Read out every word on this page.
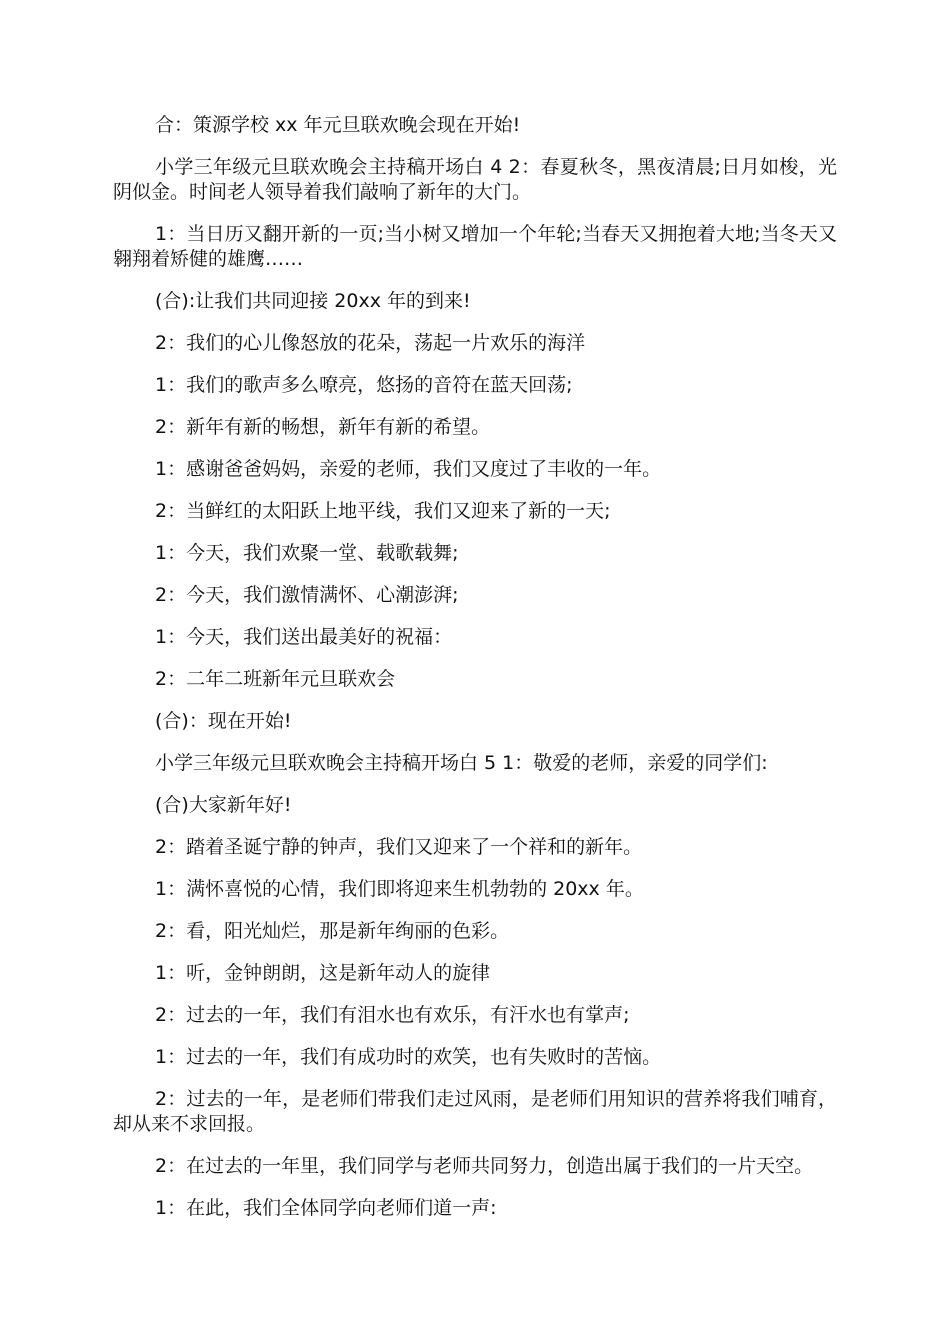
合：策源学校 xx 年元旦联欢晚会现在开始!

小学三年级元旦联欢晚会主持稿开场白 4 2：春夏秋冬，黑夜清晨;日月如梭，光阴似金。时间老人领导着我们敲响了新年的大门。

1：当日历又翻开新的一页;当小树又增加一个年轮;当春天又拥抱着大地;当冬天又翱翔着矫健的雄鹰……

(合):让我们共同迎接 20xx 年的到来!

2：我们的心儿像怒放的花朵，荡起一片欢乐的海洋

1：我们的歌声多么嘹亮，悠扬的音符在蓝天回荡;

2：新年有新的畅想，新年有新的希望。

1：感谢爸爸妈妈，亲爱的老师，我们又度过了丰收的一年。

2：当鲜红的太阳跃上地平线，我们又迎来了新的一天;

1：今天，我们欢聚一堂、载歌载舞;

2：今天，我们激情满怀、心潮澎湃;

1：今天，我们送出最美好的祝福：

2：二年二班新年元旦联欢会

(合)：现在开始!

小学三年级元旦联欢晚会主持稿开场白 5 1：敬爱的老师，亲爱的同学们:

(合)大家新年好!

2：踏着圣诞宁静的钟声，我们又迎来了一个祥和的新年。

1：满怀喜悦的心情，我们即将迎来生机勃勃的 20xx 年。

2：看，阳光灿烂，那是新年绚丽的色彩。

1：听，金钟朗朗，这是新年动人的旋律

2：过去的一年，我们有泪水也有欢乐，有汗水也有掌声;

1：过去的一年，我们有成功时的欢笑，也有失败时的苦恼。

2：过去的一年，是老师们带我们走过风雨，是老师们用知识的营养将我们哺育，却从来不求回报。

2：在过去的一年里，我们同学与老师共同努力，创造出属于我们的一片天空。

1：在此，我们全体同学向老师们道一声:
